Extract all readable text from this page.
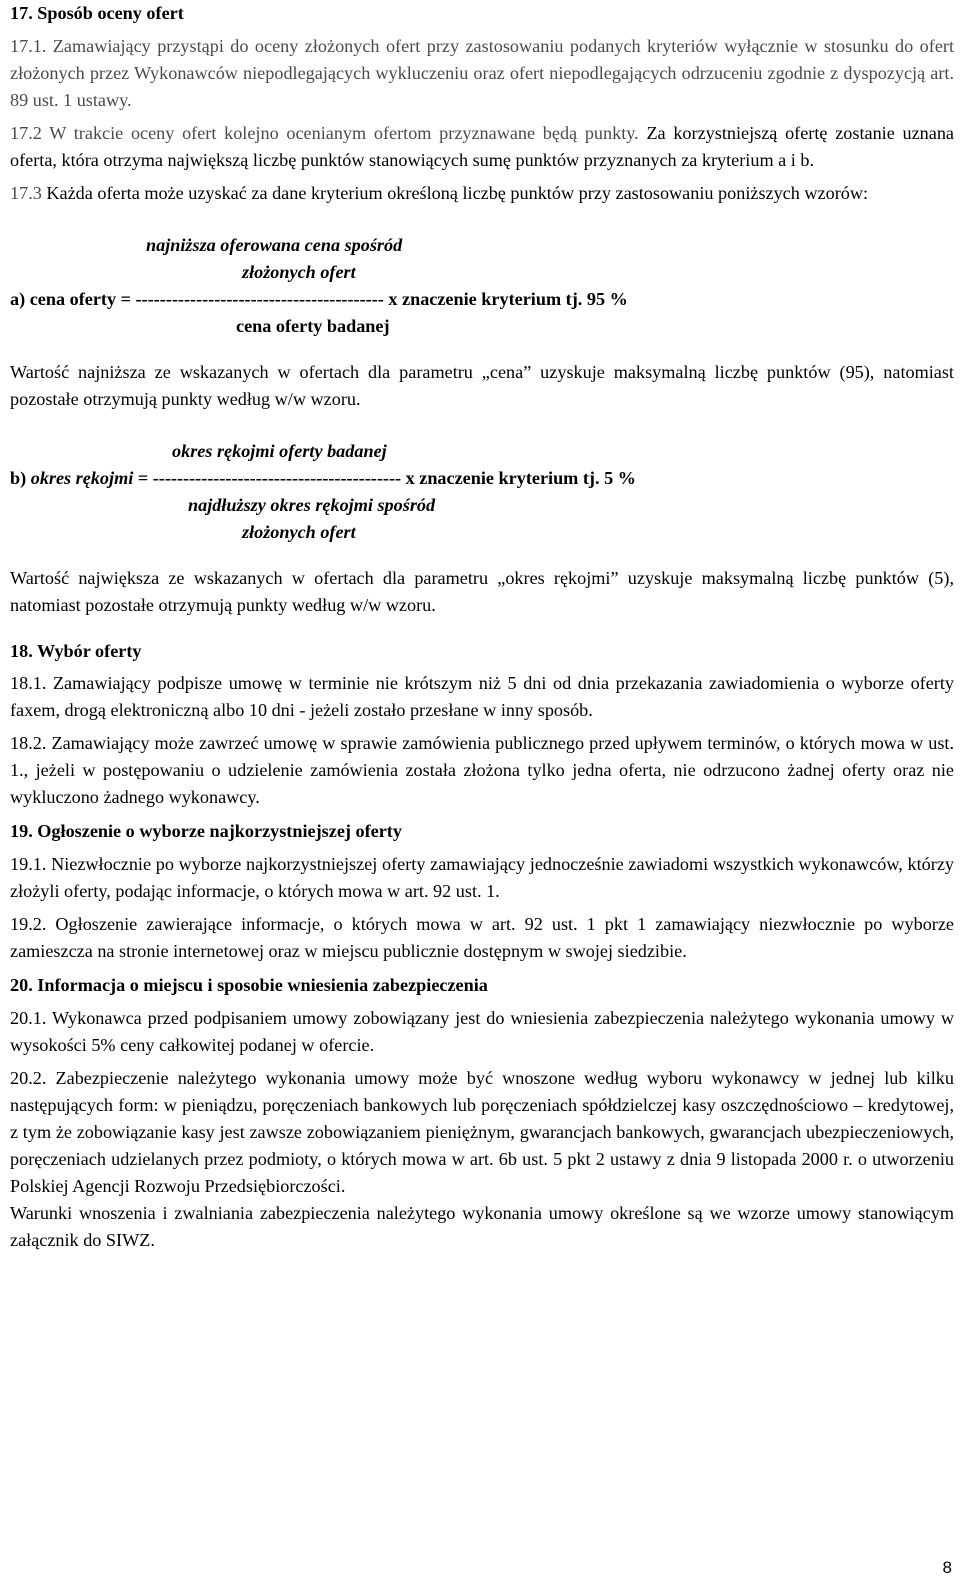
17. Sposób oceny ofert

17.1. Zamawiający przystąpi do oceny złożonych ofert przy zastosowaniu podanych kryteriów wyłącznie w stosunku do ofert złożonych przez Wykonawców niepodlegających wykluczeniu oraz ofert niepodlegających odrzuceniu zgodnie z dyspozycją art. 89 ust. 1 ustawy.

17.2 W trakcie oceny ofert kolejno ocenianym ofertom przyznawane będą punkty. Za korzystniejszą ofertę zostanie uznana oferta, która otrzyma największą liczbę punktów stanowiących sumę punktów przyznanych za kryterium a i b.

17.3 Każda oferta może uzyskać za dane kryterium określoną liczbę punktów przy zastosowaniu poniższych wzorów:

najniższa oferowana cena spośród

złożonych ofert

a) cena oferty = ----------------------------------------- x znaczenie kryterium tj. 95 %

cena oferty badanej

Wartość najniższa ze wskazanych w ofertach dla parametru „cena” uzyskuje maksymalną liczbę punktów (95), natomiast pozostałe otrzymują punkty według w/w wzoru.

okres rękojmi oferty badanej

b) okres rękojmi = ----------------------------------------- x znaczenie kryterium tj. 5 %

najdłuższy okres rękojmi spośród

złożonych ofert

Wartość największa ze wskazanych w ofertach dla parametru „okres rękojmi” uzyskuje maksymalną liczbę punktów (5), natomiast pozostałe otrzymują punkty według w/w wzoru.

18. Wybór oferty

18.1. Zamawiający podpisze umowę w terminie nie krótszym niż 5 dni od dnia przekazania zawiadomienia o wyborze oferty faxem, drogą elektroniczną albo 10 dni - jeżeli zostało przesłane w inny sposób.

18.2. Zamawiający może zawrzeć umowę w sprawie zamówienia publicznego przed upływem terminów, o których mowa w ust. 1., jeżeli w postępowaniu o udzielenie zamówienia została złożona tylko jedna oferta, nie odrzucono żadnej oferty oraz nie wykluczono żadnego wykonawcy.

19. Ogłoszenie o wyborze najkorzystniejszej oferty

19.1. Niezwłocznie po wyborze najkorzystniejszej oferty zamawiający jednocześnie zawiadomi wszystkich wykonawców, którzy złożyli oferty, podając informacje, o których mowa w art. 92 ust. 1.

19.2. Ogłoszenie zawierające informacje, o których mowa w art. 92 ust. 1 pkt 1 zamawiający niezwłocznie po wyborze zamieszcza na stronie internetowej oraz w miejscu publicznie dostępnym w swojej siedzibie.

20. Informacja o miejscu i sposobie wniesienia zabezpieczenia

20.1. Wykonawca przed podpisaniem umowy zobowiązany jest do wniesienia zabezpieczenia należytego wykonania umowy w wysokości 5% ceny całkowitej podanej w ofercie.

20.2. Zabezpieczenie należytego wykonania umowy może być wnoszone według wyboru wykonawcy w jednej lub kilku następujących form: w pieniądzu, poręczeniach bankowych lub poręczeniach spółdzielczej kasy oszczędnościowo – kredytowej, z tym że zobowiązanie kasy jest zawsze zobowiązaniem pieniężnym, gwarancjach bankowych, gwarancjach ubezpieczeniowych, poręczeniach udzielanych przez podmioty, o których mowa w art. 6b ust. 5 pkt 2 ustawy z dnia 9 listopada 2000 r. o utworzeniu Polskiej Agencji Rozwoju Przedsiębiorczości.

Warunki wnoszenia i zwalniania zabezpieczenia należytego wykonania umowy określone są we wzorze umowy stanowiącym załącznik do SIWZ.

8
